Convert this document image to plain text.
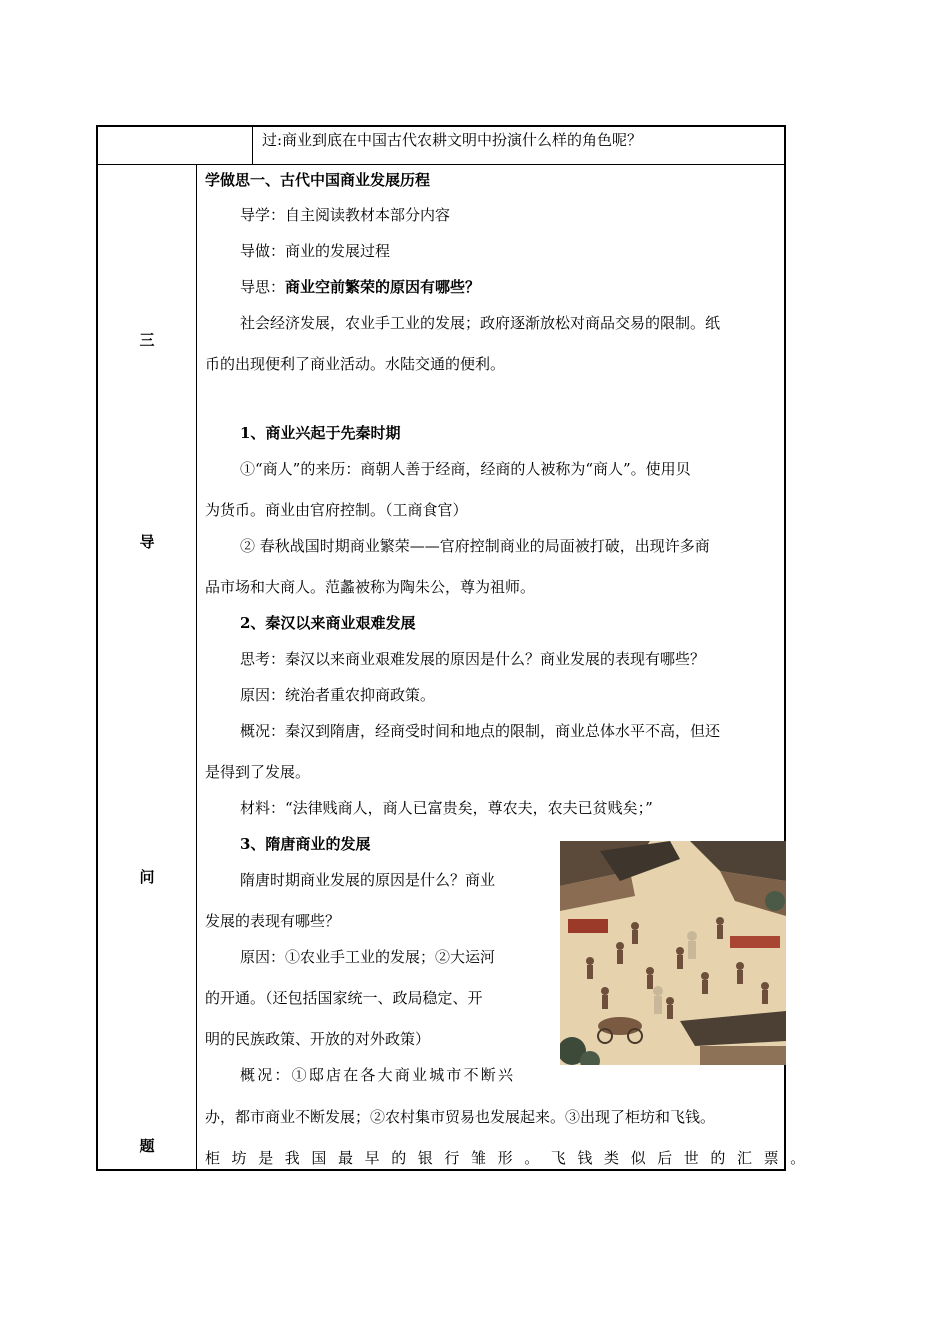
过:商业到底在中国古代农耕文明中扮演什么样的角色呢？
三
导
问
题
学做思一、古代中国商业发展历程
导学：自主阅读教材本部分内容
导做：商业的发展过程
导思：商业空前繁荣的原因有哪些？
社会经济发展，农业手工业的发展；政府逐渐放松对商品交易的限制。纸
币的出现便利了商业活动。水陆交通的便利。
1、商业兴起于先秦时期
①“商人”的来历：商朝人善于经商，经商的人被称为“商人”。使用贝
为货币。商业由官府控制。（工商食官）
② 春秋战国时期商业繁荣——官府控制商业的局面被打破，出现许多商
品市场和大商人。范蠡被称为陶朱公，尊为祖师。
2、秦汉以来商业艰难发展
思考：秦汉以来商业艰难发展的原因是什么？商业发展的表现有哪些？
原因：统治者重农抑商政策。
概况：秦汉到隋唐，经商受时间和地点的限制，商业总体水平不高，但还
是得到了发展。
材料：“法律贱商人，商人已富贵矣，尊农夫，农夫已贫贱矣；”
3、隋唐商业的发展
隋唐时期商业发展的原因是什么？商业
发展的表现有哪些？
原因：①农业手工业的发展；②大运河
的开通。（还包括国家统一、政局稳定、开
明的民族政策、开放的对外政策）
概况：①邸店在各大商业城市不断兴
办，都市商业不断发展；②农村集市贸易也发展起来。③出现了柜坊和飞钱。
柜坊是我国最早的银行雏形。飞钱类似后世的汇票。
